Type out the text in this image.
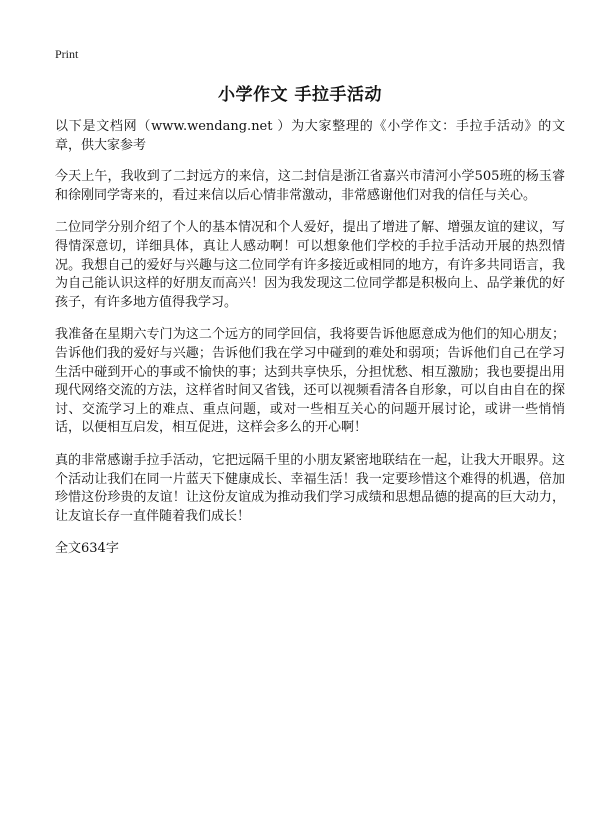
Print
小学作文 手拉手活动

以下是文档网（www.wendang.net ）为大家整理的《小学作文：手拉手活动》的文章，供大家参考

今天上午，我收到了二封远方的来信，这二封信是浙江省嘉兴市清河小学505班的杨玉睿和徐刚同学寄来的，看过来信以后心情非常激动，非常感谢他们对我的信任与关心。

二位同学分别介绍了个人的基本情况和个人爱好，提出了增进了解、增强友谊的建议，写得情深意切，详细具体，真让人感动啊！可以想象他们学校的手拉手活动开展的热烈情况。我想自己的爱好与兴趣与这二位同学有许多接近或相同的地方，有许多共同语言，我为自己能认识这样的好朋友而高兴！因为我发现这二位同学都是积极向上、品学兼优的好孩子，有许多地方值得我学习。

我准备在星期六专门为这二个远方的同学回信，我将要告诉他愿意成为他们的知心朋友；告诉他们我的爱好与兴趣；告诉他们我在学习中碰到的难处和弱项；告诉他们自己在学习生活中碰到开心的事或不愉快的事；达到共享快乐，分担忧愁、相互激励；我也要提出用现代网络交流的方法，这样省时间又省钱，还可以视频看清各自形象，可以自由自在的探讨、交流学习上的难点、重点问题，或对一些相互关心的问题开展讨论，或讲一些悄悄话，以便相互启发，相互促进，这样会多么的开心啊！

真的非常感谢手拉手活动，它把远隔千里的小朋友紧密地联结在一起，让我大开眼界。这个活动让我们在同一片蓝天下健康成长、幸福生活！我一定要珍惜这个难得的机遇，倍加珍惜这份珍贵的友谊！让这份友谊成为推动我们学习成绩和思想品德的提高的巨大动力，让友谊长存一直伴随着我们成长！

全文634字
